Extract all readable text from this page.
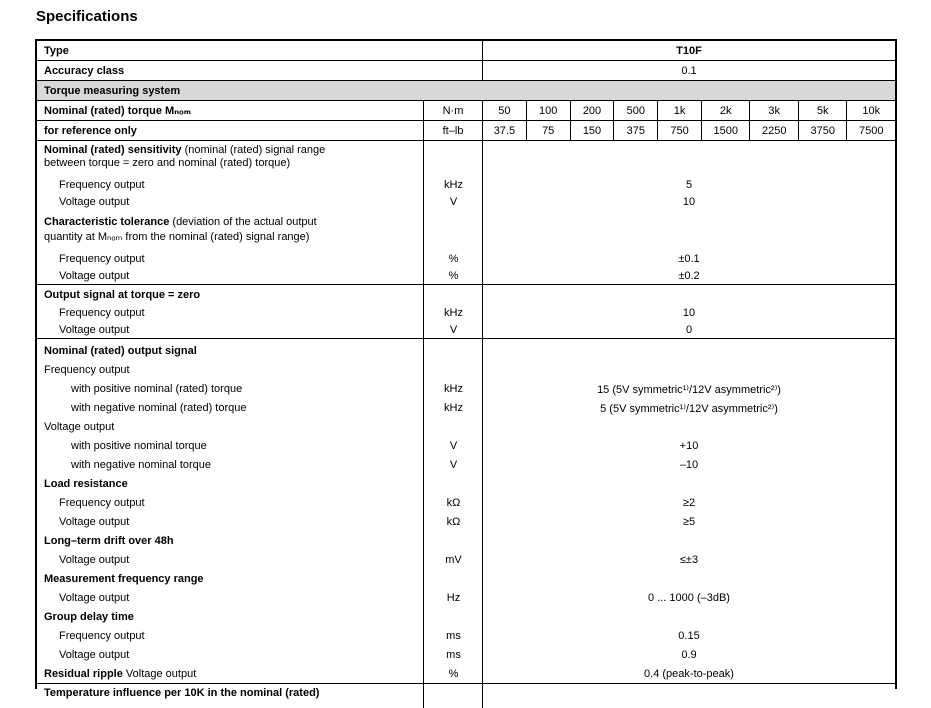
Specifications
Type	T10F
Accuracy class	0.1
Torque measuring system
Nominal (rated) torque Mₙₒₘ	N·m	50	100	200	500	1k	2k	3k	5k	10k
for reference only	ft–lb	37.5	75	150	375	750	1500	2250	3750	7500
Nominal (rated) sensitivity (nominal (rated) signal range
between torque = zero and nominal (rated) torque)
Frequency output	kHz	5
Voltage output	V	10
Characteristic tolerance (deviation of the actual output
quantity at Mₙₒₘ from the nominal (rated) signal range)
Frequency output	%	±0.1
Voltage output	%	±0.2
Output signal at torque = zero
Frequency output	kHz	10
Voltage output	V	0
Nominal (rated) output signal
Frequency output
with positive nominal (rated) torque	kHz	15 (5V symmetric¹⁾/12V asymmetric²⁾)
with negative nominal (rated) torque	kHz	5 (5V symmetric¹⁾/12V asymmetric²⁾)
Voltage output
with positive nominal torque	V	+10
with negative nominal torque	V	–10
Load resistance
Frequency output	kΩ	≥2
Voltage output	kΩ	≥5
Long–term drift over 48h
Voltage output	mV	≤±3
Measurement frequency range
Voltage output	Hz	0 ... 1000 (–3dB)
Group delay time
Frequency output	ms	0.15
Voltage output	ms	0.9
Residual ripple Voltage output	%	0.4 (peak-to-peak)
Temperature influence per 10K in the nominal (rated)
